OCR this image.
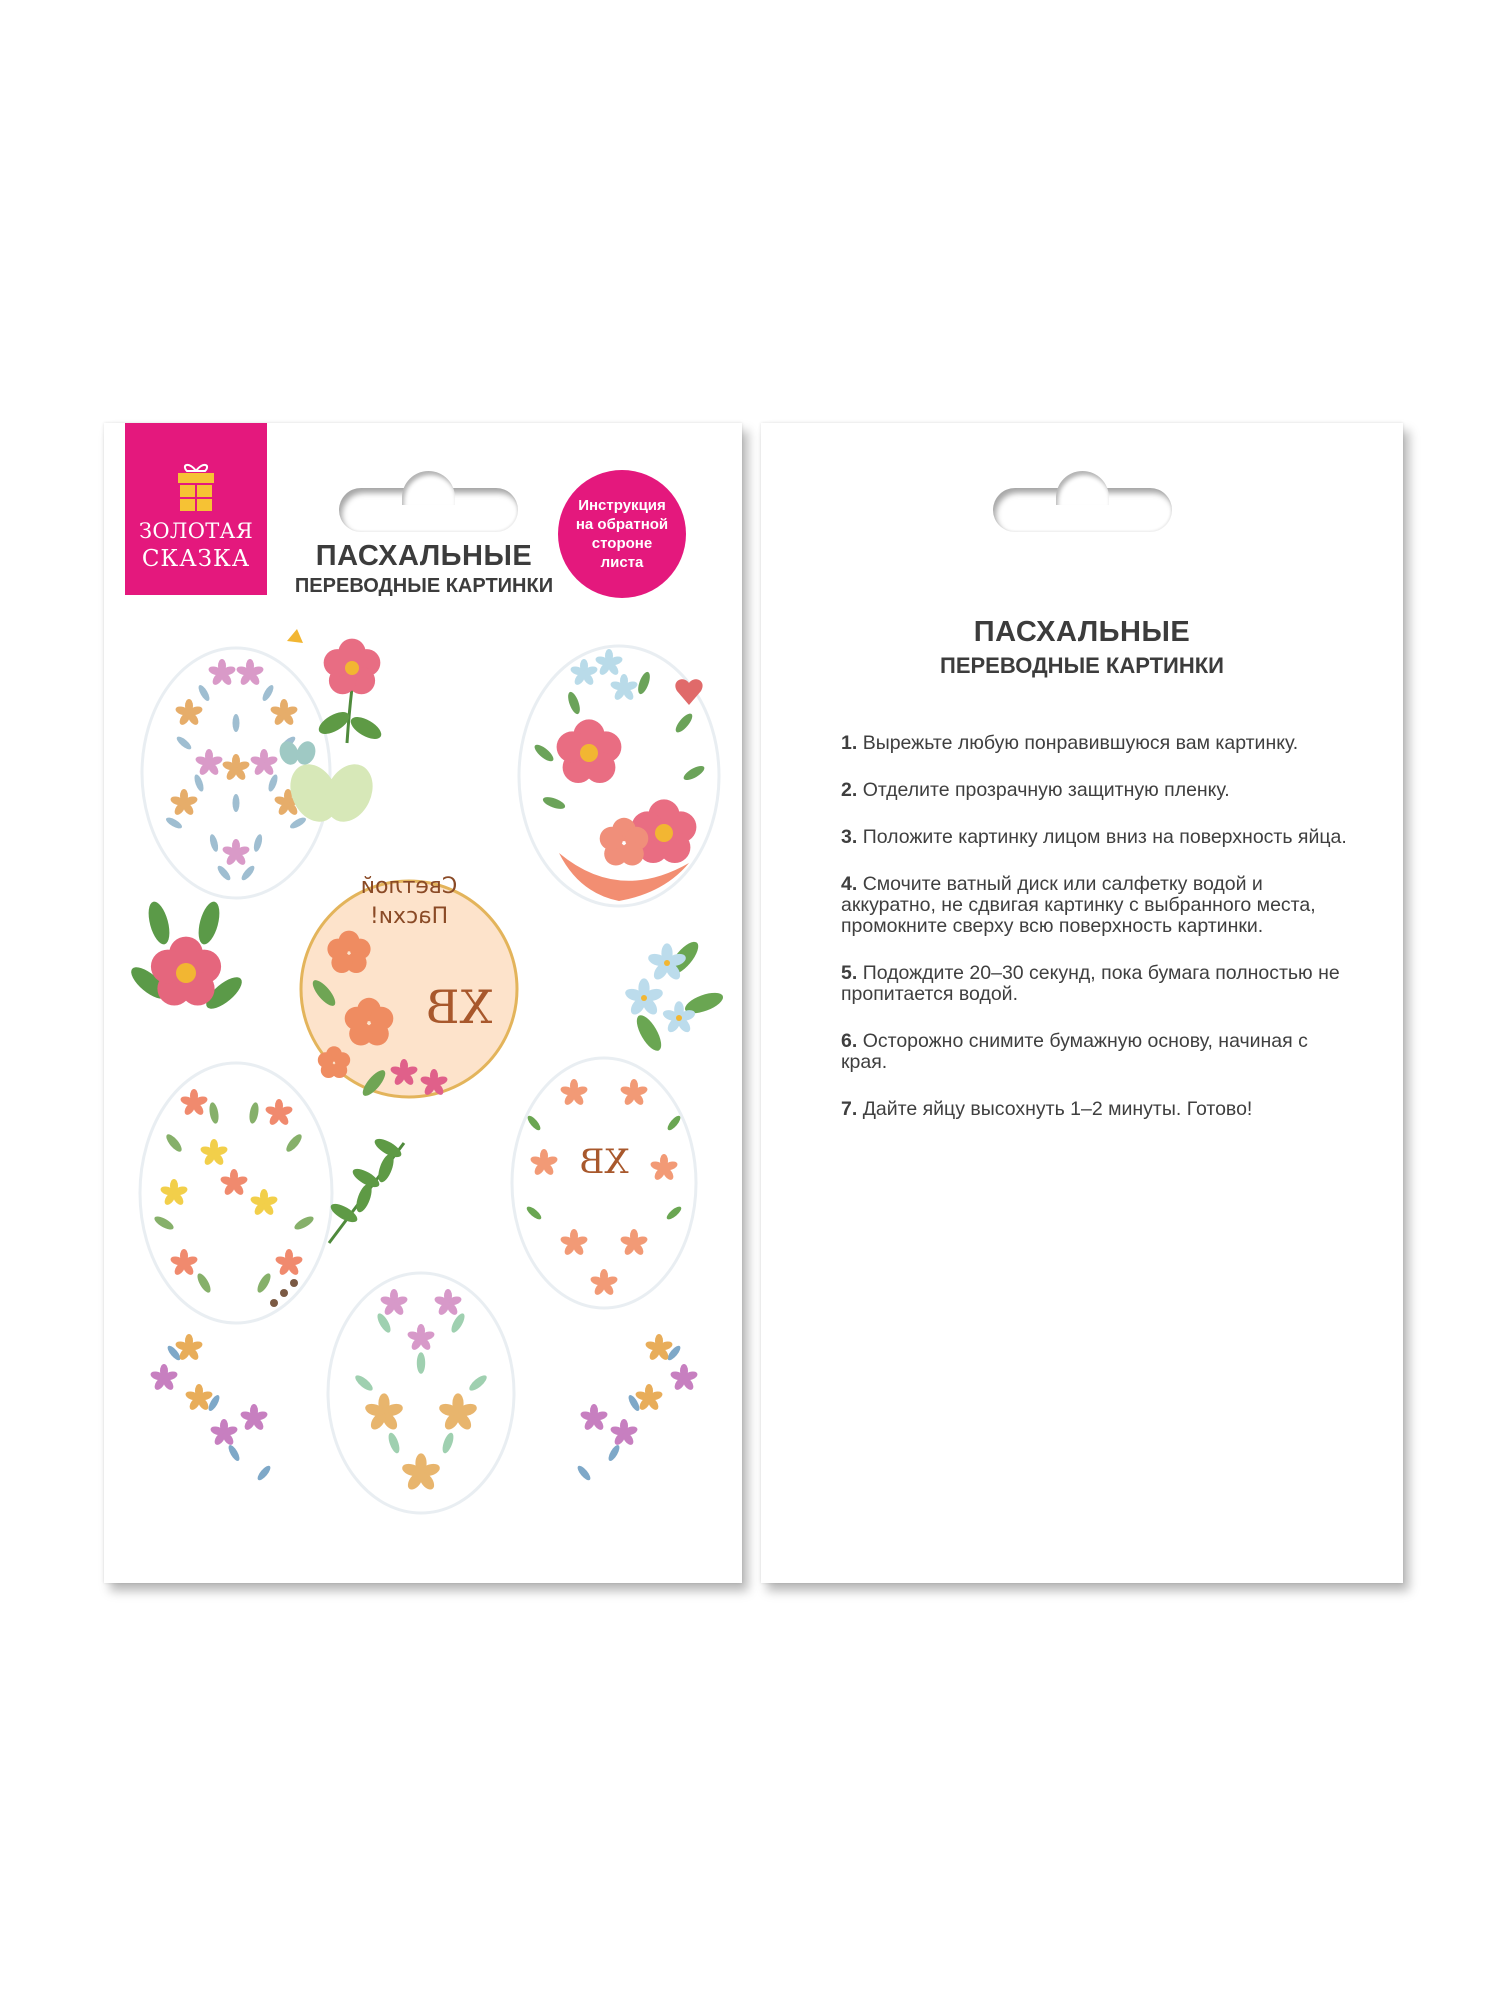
ЗОЛОТАЯ
СКАЗКА
Инструкция
на обратной
стороне
листа
ПАСХАЛЬНЫЕ
ПЕРЕВОДНЫЕ КАРТИНКИ
Светлой
Пасхи!
ХВ
ХВ
ПАСХАЛЬНЫЕ
ПЕРЕВОДНЫЕ КАРТИНКИ
1. Вырежьте любую понравившуюся вам картинку.
2. Отделите прозрачную защитную пленку.
3. Положите картинку лицом вниз на поверхность яйца.
4. Смочите ватный диск или салфетку водой и аккуратно, не сдвигая картинку с выбранного места, промокните сверху всю поверхность картинки.
5. Подождите 20–30 секунд, пока бумага полностью не пропитается водой.
6. Осторожно снимите бумажную основу, начиная с края.
7. Дайте яйцу высохнуть 1–2 минуты. Готово!
